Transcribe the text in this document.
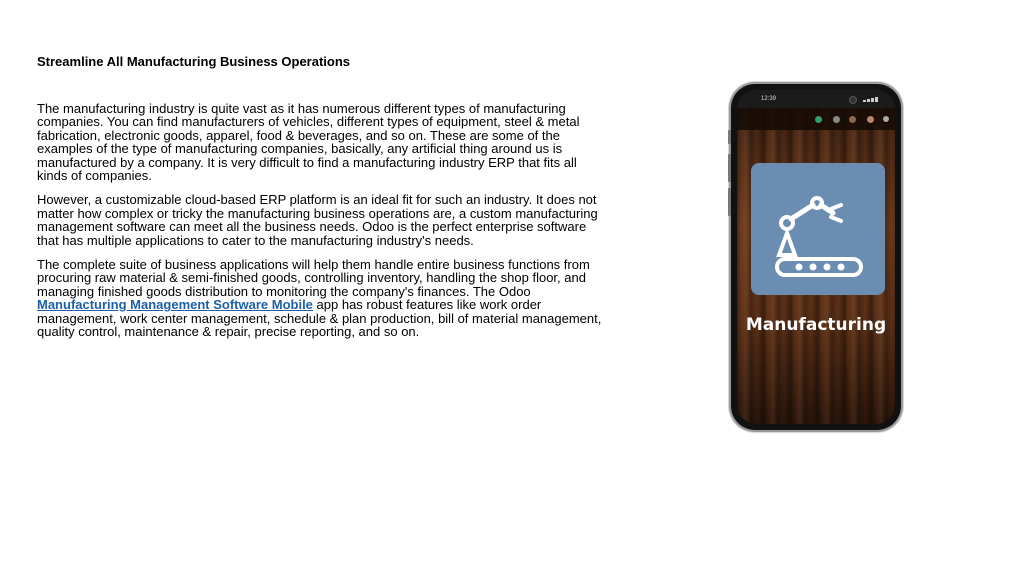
Streamline All Manufacturing Business Operations

The manufacturing industry is quite vast as it has numerous different types of manufacturing companies. You can find manufacturers of vehicles, different types of equipment, steel & metal fabrication, electronic goods, apparel, food & beverages, and so on. These are some of the examples of the type of manufacturing companies, basically, any artificial thing around us is manufactured by a company. It is very difficult to find a manufacturing industry ERP that fits all kinds of companies.

However, a customizable cloud-based ERP platform is an ideal fit for such an industry. It does not matter how complex or tricky the manufacturing business operations are, a custom manufacturing management software can meet all the business needs. Odoo is the perfect enterprise software that has multiple applications to cater to the manufacturing industry's needs.

The complete suite of business applications will help them handle entire business functions from procuring raw material & semi-finished goods, controlling inventory, handling the shop floor, and managing finished goods distribution to monitoring the company's finances. The Odoo Manufacturing Management Software Mobile app has robust features like work order management, work center management, schedule & plan production, bill of material management, quality control, maintenance & repair, precise reporting, and so on.

12:39
Manufacturing
